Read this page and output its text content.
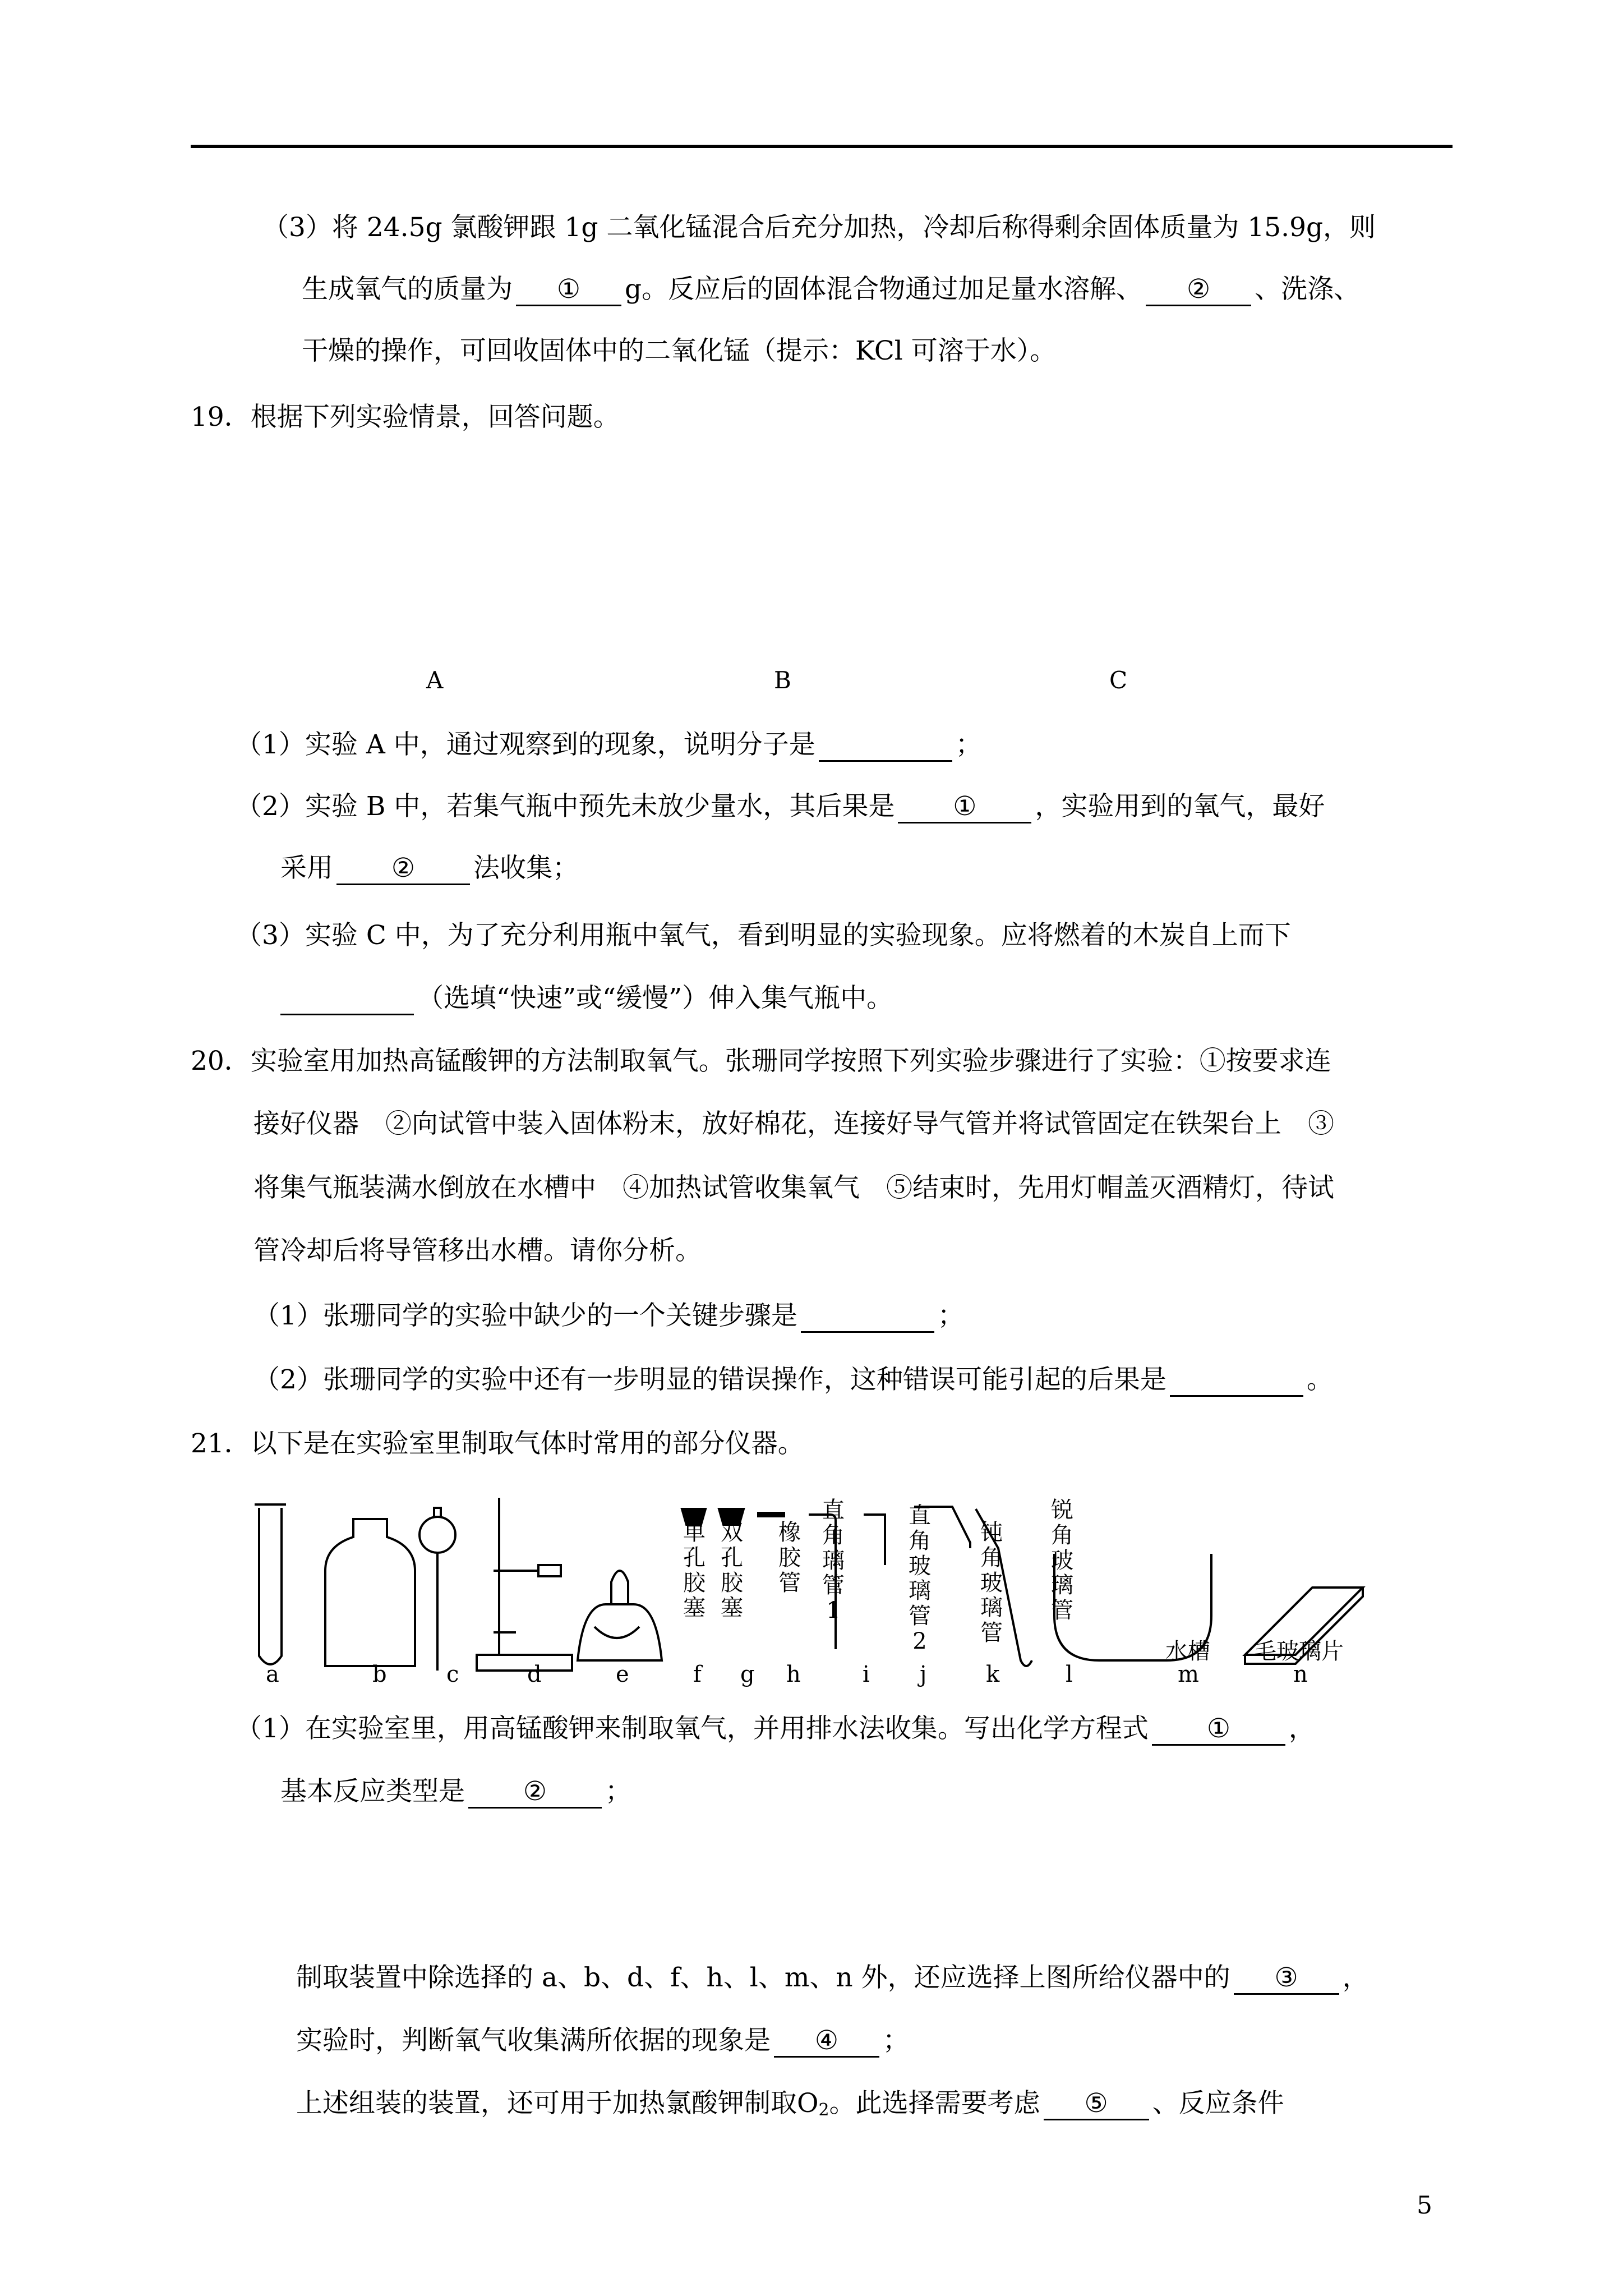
（3）将 24.5g 氯酸钾跟 1g 二氧化锰混合后充分加热，冷却后称得剩余固体质量为 15.9g，则
生成氧气的质量为 ① g。反应后的固体混合物通过加足量水溶解、 ② 、洗涤、
干燥的操作，可回收固体中的二氧化锰（提示：KCl 可溶于水）。
19．根据下列实验情景，回答问题。
A	B	C
（1）实验 A 中，通过观察到的现象，说明分子是	；
（2）实验 B 中，若集气瓶中预先未放少量水，其后果是 ① ，实验用到的氧气，最好
采用 ② 法收集；
（3）实验 C 中，为了充分利用瓶中氧气，看到明显的实验现象。应将燃着的木炭自上而下
（选填“快速”或“缓慢”）伸入集气瓶中。
20．实验室用加热高锰酸钾的方法制取氧气。张珊同学按照下列实验步骤进行了实验：①按要求连
接好仪器　②向试管中装入固体粉末，放好棉花，连接好导气管并将试管固定在铁架台上　③
将集气瓶装满水倒放在水槽中　④加热试管收集氧气　⑤结束时，先用灯帽盖灭酒精灯，待试
管冷却后将导管移出水槽。请你分析。
（1）张珊同学的实验中缺少的一个关键步骤是	；
（2）张珊同学的实验中还有一步明显的错误操作，这种错误可能引起的后果是	。
21．以下是在实验室里制取气体时常用的部分仪器。
单孔胶塞
双孔胶塞
橡胶管
直角璃管1
直角玻璃管2
钝角玻璃管
锐角玻璃管
水槽 毛玻璃片
a	b	c	d	e	f g h	i j	k	l	m	n
（1）在实验室里，用高锰酸钾来制取氧气，并用排水法收集。写出化学方程式 ① ，
基本反应类型是 ② ；
制取装置中除选择的 a、b、d、f、h、l、m、n 外，还应选择上图所给仪器中的 ③ ，
实验时，判断氧气收集满所依据的现象是 ④ ；
上述组装的装置，还可用于加热氯酸钾制取$O_2$。此选择需要考虑 ⑤ 、反应条件
5
